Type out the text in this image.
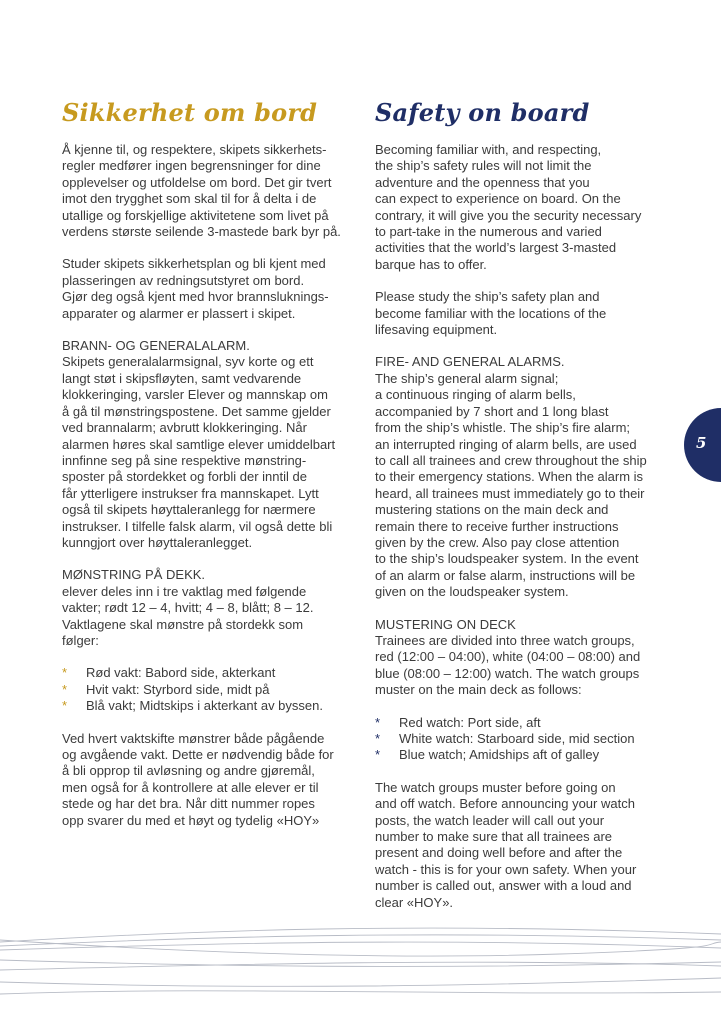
Sikkerhet om bord

Å kjenne til, og respektere, skipets sikkerhets-
regler medfører ingen begrensninger for dine
opplevelser og utfoldelse om bord. Det gir tvert
imot den trygghet som skal til for å delta i de
utallige og forskjellige aktivitetene som livet på
verdens største seilende 3-mastede bark byr på.

Studer skipets sikkerhetsplan og bli kjent med
plasseringen av redningsutstyret om bord.
Gjør deg også kjent med hvor brannsluknings-
apparater og alarmer er plassert i skipet.

BRANN- OG GENERALALARM.
Skipets generalalarmsignal, syv korte og ett
langt støt i skipsfløyten, samt vedvarende
klokkeringing, varsler Elever og mannskap om
å gå til mønstringspostene. Det samme gjelder
ved brannalarm; avbrutt klokkeringing. Når
alarmen høres skal samtlige elever umiddelbart
innfinne seg på sine respektive mønstring-
sposter på stordekket og forbli der inntil de
får ytterligere instrukser fra mannskapet. Lytt
også til skipets høyttaleranlegg for nærmere
instrukser. I tilfelle falsk alarm, vil også dette bli
kunngjort over høyttaleranlegget.

MØNSTRING PÅ DEKK.
elever deles inn i tre vaktlag med følgende
vakter; rødt 12 – 4, hvitt; 4 – 8, blått; 8 – 12.
Vaktlagene skal mønstre på stordekk som
følger:

* Rød vakt: Babord side, akterkant
* Hvit vakt: Styrbord side, midt på
* Blå vakt; Midtskips i akterkant av byssen.

Ved hvert vaktskifte mønstrer både pågående
og avgående vakt. Dette er nødvendig både for
å bli opprop til avløsning og andre gjøremål,
men også for å kontrollere at alle elever er til
stede og har det bra. Når ditt nummer ropes
opp svarer du med et høyt og tydelig «HOY»

Safety on board

Becoming familiar with, and respecting,
the ship’s safety rules will not limit the
adventure and the openness that you
can expect to experience on board. On the
contrary, it will give you the security necessary
to part-take in the numerous and varied
activities that the world’s largest 3-masted
barque has to offer.

Please study the ship’s safety plan and
become familiar with the locations of the
lifesaving equipment.

FIRE- AND GENERAL ALARMS.
The ship’s general alarm signal;
a continuous ringing of alarm bells,
accompanied by 7 short and 1 long blast
from the ship’s whistle. The ship’s fire alarm;
an interrupted ringing of alarm bells, are used
to call all trainees and crew throughout the ship
to their emergency stations. When the alarm is
heard, all trainees must immediately go to their
mustering stations on the main deck and
remain there to receive further instructions
given by the crew. Also pay close attention
to the ship’s loudspeaker system. In the event
of an alarm or false alarm, instructions will be
given on the loudspeaker system.

MUSTERING ON DECK
Trainees are divided into three watch groups,
red (12:00 – 04:00), white (04:00 – 08:00) and
blue (08:00 – 12:00) watch. The watch groups
muster on the main deck as follows:

* Red watch: Port side, aft
* White watch: Starboard side, mid section
* Blue watch; Amidships aft of galley

The watch groups muster before going on
and off watch. Before announcing your watch
posts, the watch leader will call out your
number to make sure that all trainees are
present and doing well before and after the
watch - this is for your own safety. When your
number is called out, answer with a loud and
clear «HOY».

5
